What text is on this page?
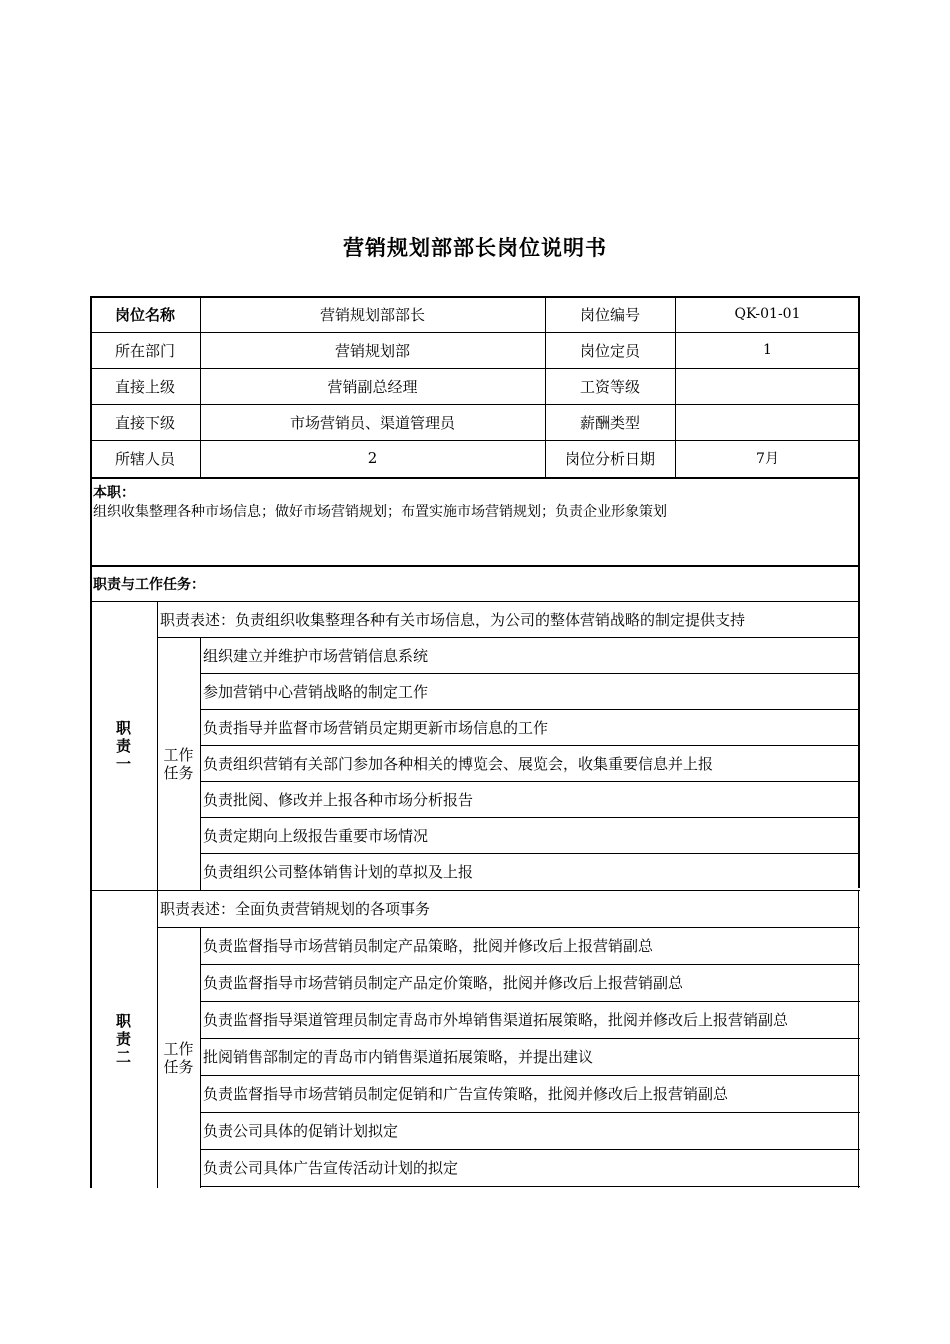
营销规划部部长岗位说明书
岗位名称	营销规划部部长	岗位编号	QK-01-01
所在部门	营销规划部	岗位定员	1
直接上级	营销副总经理	工资等级
直接下级	市场营销员、渠道管理员	薪酬类型
所辖人员	2	岗位分析日期	7月
本职：
组织收集整理各种市场信息；做好市场营销规划；布置实施市场营销规划；负责企业形象策划
职责与工作任务：
职
责
一
职责表述：负责组织收集整理各种有关市场信息，为公司的整体营销战略的制定提供支持
工作
任务
组织建立并维护市场营销信息系统
参加营销中心营销战略的制定工作
负责指导并监督市场营销员定期更新市场信息的工作
负责组织营销有关部门参加各种相关的博览会、展览会，收集重要信息并上报
负责批阅、修改并上报各种市场分析报告
负责定期向上级报告重要市场情况
负责组织公司整体销售计划的草拟及上报
职
责
二
职责表述：全面负责营销规划的各项事务
工作
任务
负责监督指导市场营销员制定产品策略，批阅并修改后上报营销副总
负责监督指导市场营销员制定产品定价策略，批阅并修改后上报营销副总
负责监督指导渠道管理员制定青岛市外埠销售渠道拓展策略，批阅并修改后上报营销副总
批阅销售部制定的青岛市内销售渠道拓展策略，并提出建议
负责监督指导市场营销员制定促销和广告宣传策略，批阅并修改后上报营销副总
负责公司具体的促销计划拟定
负责公司具体广告宣传活动计划的拟定
